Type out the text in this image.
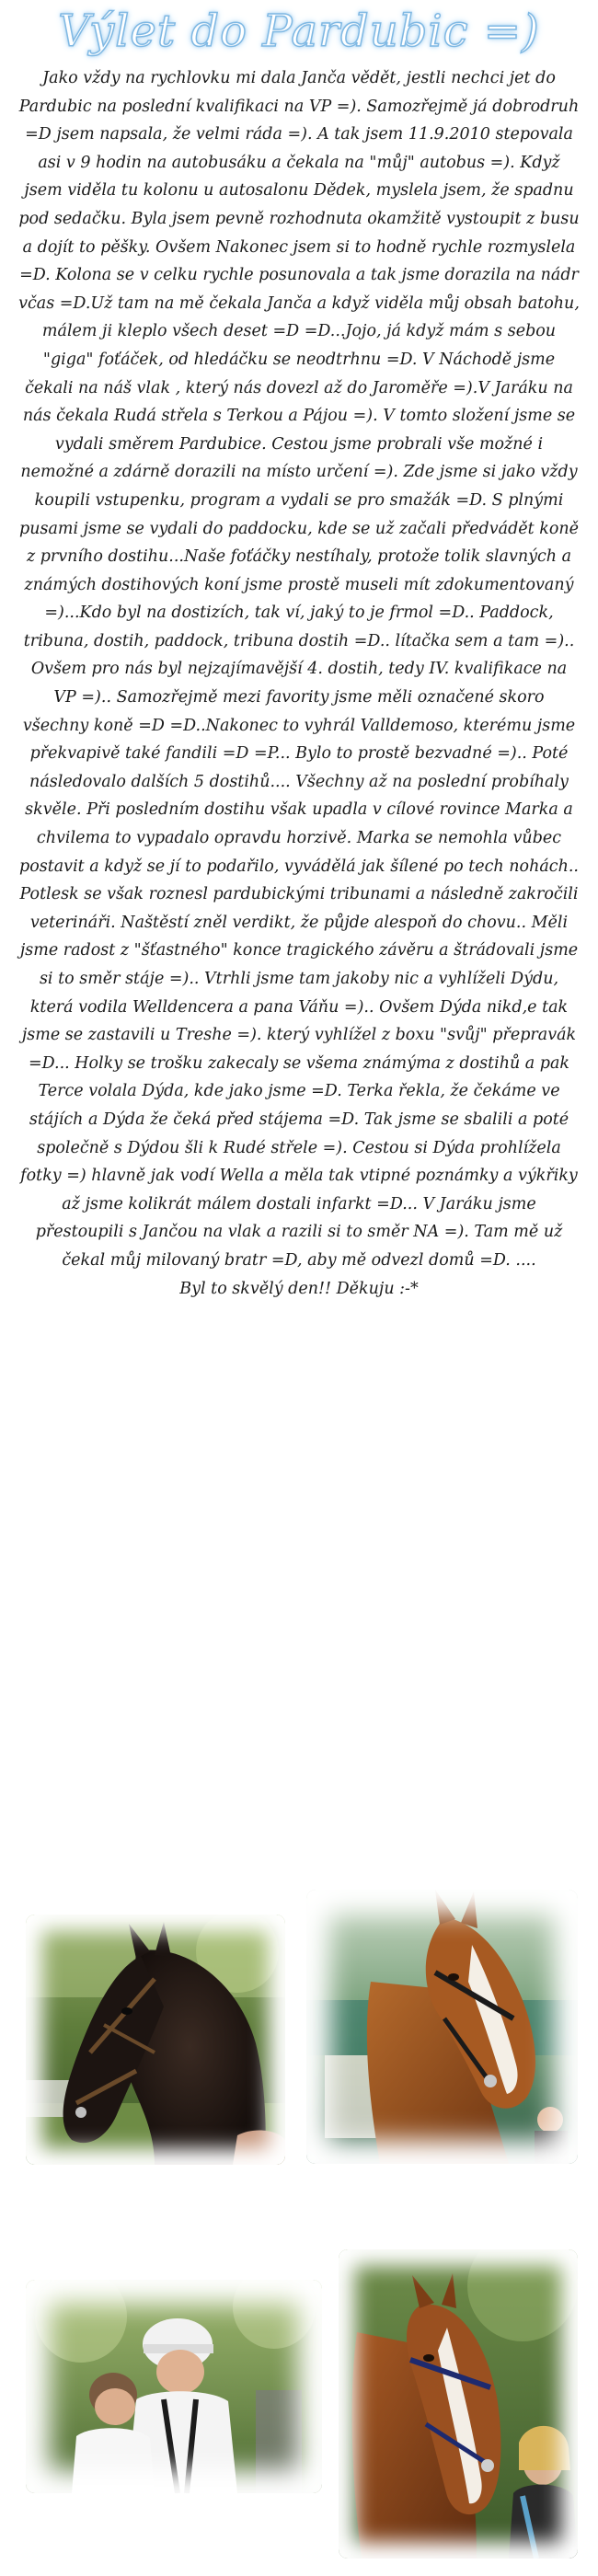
Výlet do Pardubic =)

Jako vždy na rychlovku mi dala Janča vědět, jestli nechci jet do Pardubic na poslední kvalifikaci na VP =). Samozřejmě já dobrodruh =D jsem napsala, že velmi ráda =). A tak jsem 11.9.2010 stepovala asi v 9 hodin na autobusáku a čekala na "můj" autobus =). Když jsem viděla tu kolonu u autosalonu Dědek, myslela jsem, že spadnu pod sedačku. Byla jsem pevně rozhodnuta okamžitě vystoupit z busu a dojít to pěšky. Ovšem Nakonec jsem si to hodně rychle rozmyslela =D. Kolona se v celku rychle posunovala a tak jsme dorazila na nádr včas =D.Už tam na mě čekala Janča a když viděla můj obsah batohu, málem ji kleplo všech deset =D =D...Jojo, já když mám s sebou "giga" foťáček, od hledáčku se neodtrhnu =D. V Náchodě jsme čekali na náš vlak , který nás dovezl až do Jaroměře =).V Jaráku na nás čekala Rudá střela s Terkou a Pájou =). V tomto složení jsme se vydali směrem Pardubice. Cestou jsme probrali vše možné i nemožné a zdárně dorazili na místo určení =). Zde jsme si jako vždy koupili vstupenku, program a vydali se pro smažák =D. S plnými pusami jsme se vydali do paddocku, kde se už začali předvádět koně z prvního dostihu...Naše foťáčky nestíhaly, protože tolik slavných a známých dostihových koní jsme prostě museli mít zdokumentovaný =)...Kdo byl na dostizích, tak ví, jaký to je frmol =D.. Paddock, tribuna, dostih, paddock, tribuna dostih =D.. lítačka sem a tam =).. Ovšem pro nás byl nejzajímavější 4. dostih, tedy IV. kvalifikace na VP =).. Samozřejmě mezi favority jsme měli označené skoro všechny koně =D =D..Nakonec to vyhrál Valldemoso, kterému jsme překvapivě také fandili =D =P... Bylo to prostě bezvadné =).. Poté následovalo dalších 5 dostihů.... Všechny až na poslední probíhaly skvěle. Při posledním dostihu však upadla v cílové rovince Marka a chvilema to vypadalo opravdu horzivě. Marka se nemohla vůbec postavit a když se jí to podařilo, vyvádělá jak šílené po tech nohách.. Potlesk se však roznesl pardubickými tribunami a následně zakročili veterináři. Naštěstí zněl verdikt, že půjde alespoň do chovu.. Měli jsme radost z "šťastného" konce tragického závěru a štrádovali jsme si to směr stáje =).. Vtrhli jsme tam jakoby nic a vyhlíželi Dýdu, která vodila Welldencera a pana Váňu =).. Ovšem Dýda nikd,e tak jsme se zastavili u Treshe =). který vyhlížel z boxu "svůj" přepravák =D... Holky se trošku zakecaly se všema známýma z dostihů a pak Terce volala Dýda, kde jako jsme =D. Terka řekla, že čekáme ve stájích a Dýda že čeká před stájema =D. Tak jsme se sbalili a poté společně s Dýdou šli k Rudé střele =). Cestou si Dýda prohlížela fotky =) hlavně jak vodí Wella a měla tak vtipné poznámky a výkřiky až jsme kolikrát málem dostali infarkt =D... V Jaráku jsme přestoupili s Jančou na vlak a razili si to směr NA =). Tam mě už čekal můj milovaný bratr =D, aby mě odvezl domů =D. ....

Byl to skvělý den!! Děkuju :-*
